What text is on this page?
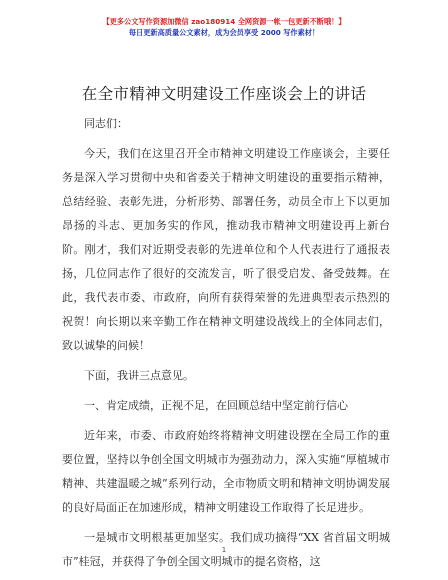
【更多公文写作资源加微信 zao180914 全网资源一帐一包更新不断哦！】
每日更新高质量公文素材，成为会员享受 2000 写作素材！
在全市精神文明建设工作座谈会上的讲话

同志们：

今天，我们在这里召开全市精神文明建设工作座谈会，主要任务是深入学习贯彻中央和省委关于精神文明建设的重要指示精神，总结经验、表彰先进，分析形势、部署任务，动员全市上下以更加昂扬的斗志、更加务实的作风，推动我市精神文明建设再上新台阶。刚才，我们对近期受表彰的先进单位和个人代表进行了通报表扬，几位同志作了很好的交流发言，听了很受启发、备受鼓舞。在此，我代表市委、市政府，向所有获得荣誉的先进典型表示热烈的祝贺！向长期以来辛勤工作在精神文明建设战线上的全体同志们，致以诚挚的问候！

下面，我讲三点意见。

一、肯定成绩，正视不足，在回顾总结中坚定前行信心

近年来，市委、市政府始终将精神文明建设摆在全局工作的重要位置，坚持以争创全国文明城市为强劲动力，深入实施“厚植城市精神、共建温暖之城”系列行动，全市物质文明和精神文明协调发展的良好局面正在加速形成，精神文明建设工作取得了长足进步。

一是城市文明根基更加坚实。我们成功摘得“XX 省首届文明城市”桂冠，并获得了争创全国文明城市的提名资格，这

1
